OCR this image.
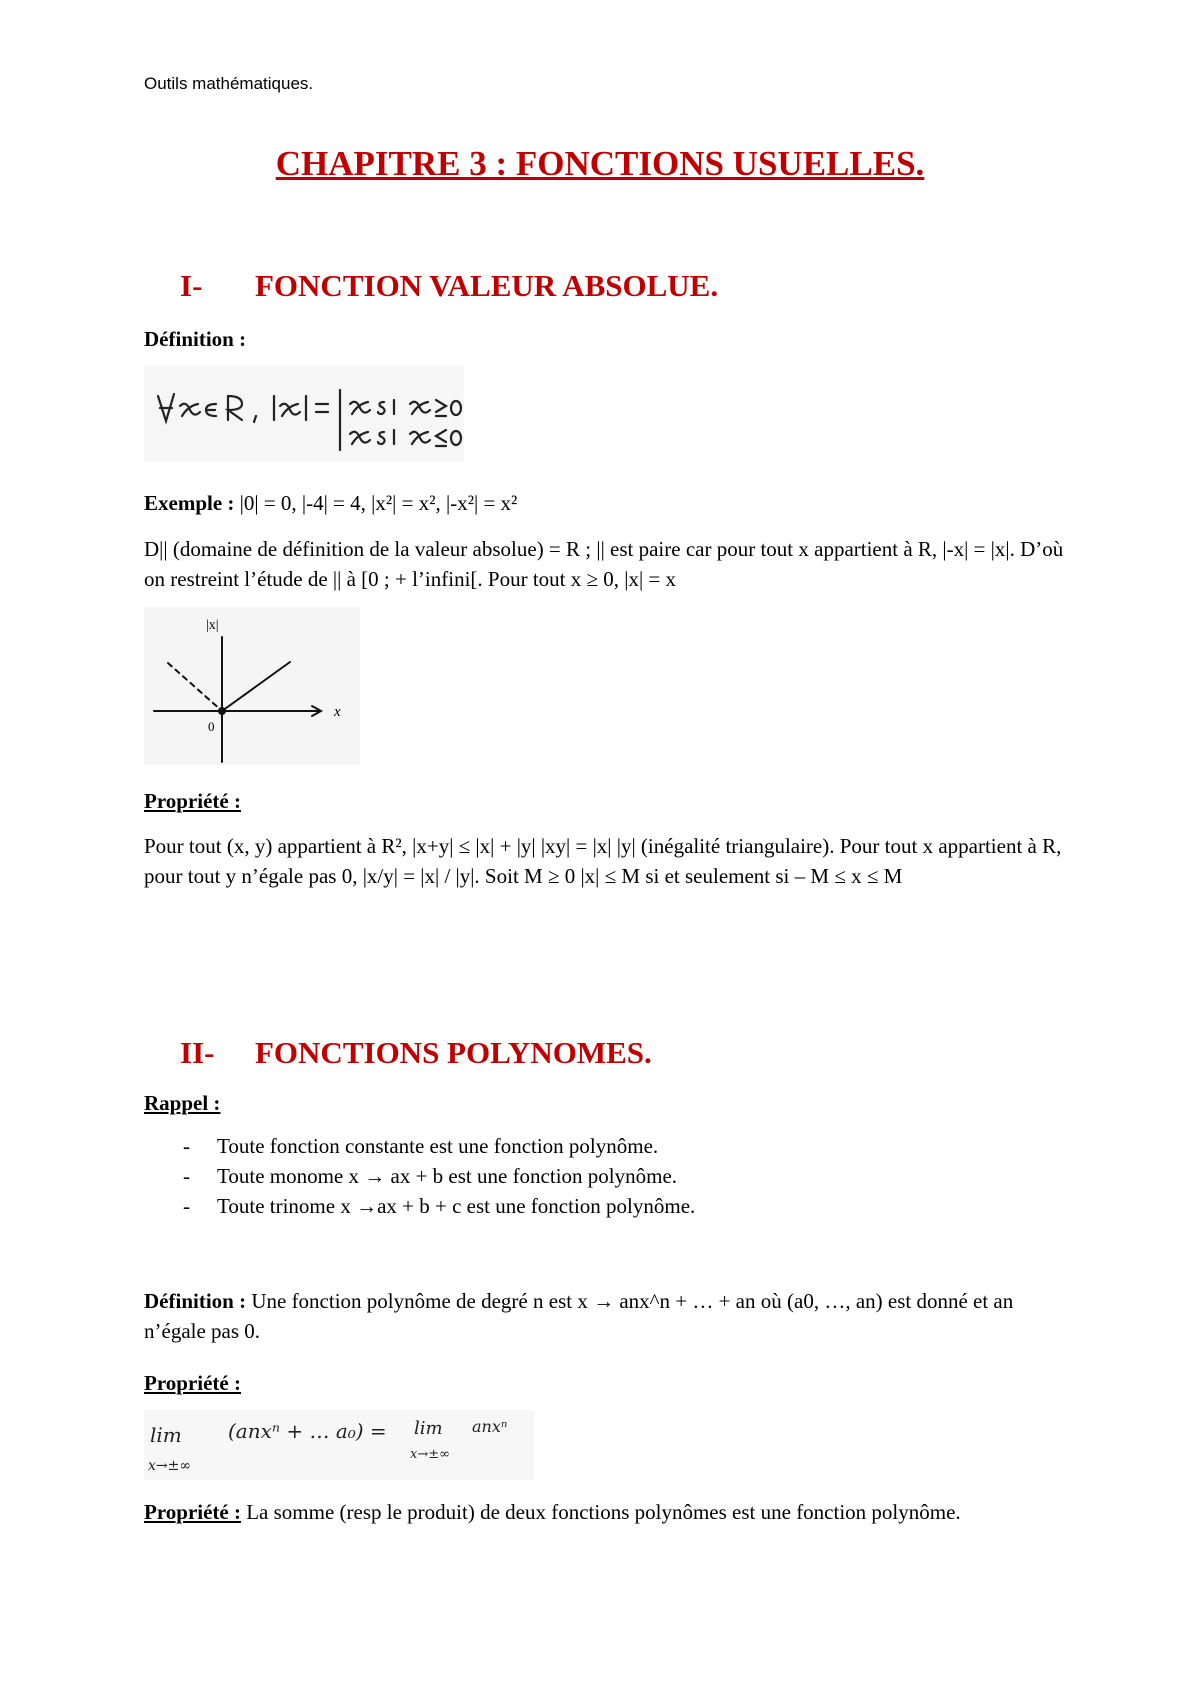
Outils mathématiques.
CHAPITRE 3 : FONCTIONS USUELLES.
I- FONCTION VALEUR ABSOLUE.
Définition :
∀x ∈ R , |x| = | x si x ≥ 0 ; x si x ≤ 0
Exemple : |0| = 0, |-4| = 4, |x²| = x², |-x²| = x²
D|| (domaine de définition de la valeur absolue) = R ; || est paire car pour tout x appartient à R, |-x| = |x|. D’où on restreint l’étude de || à [0 ; + l’infini[. Pour tout x ≥ 0, |x| = x
|x|
x
0
Propriété :
Pour tout (x, y) appartient à R², |x+y| ≤ |x| + |y| |xy| = |x| |y| (inégalité triangulaire). Pour tout x appartient à R, pour tout y n’égale pas 0, |x/y| = |x| / |y|. Soit M ≥ 0 |x| ≤ M si et seulement si – M ≤ x ≤ M
II- FONCTIONS POLYNOMES.
Rappel :
- Toute fonction constante est une fonction polynôme.
- Toute monome x → ax + b est une fonction polynôme.
- Toute trinome x →ax + b + c est une fonction polynôme.
Définition : Une fonction polynôme de degré n est x → anx^n + … + an où (a0, …, an) est donné et an n’égale pas 0.
Propriété :
lim
x→±∞
(anxⁿ + … a₀) = lim
x→±∞
anxⁿ
Propriété : La somme (resp le produit) de deux fonctions polynômes est une fonction polynôme.
